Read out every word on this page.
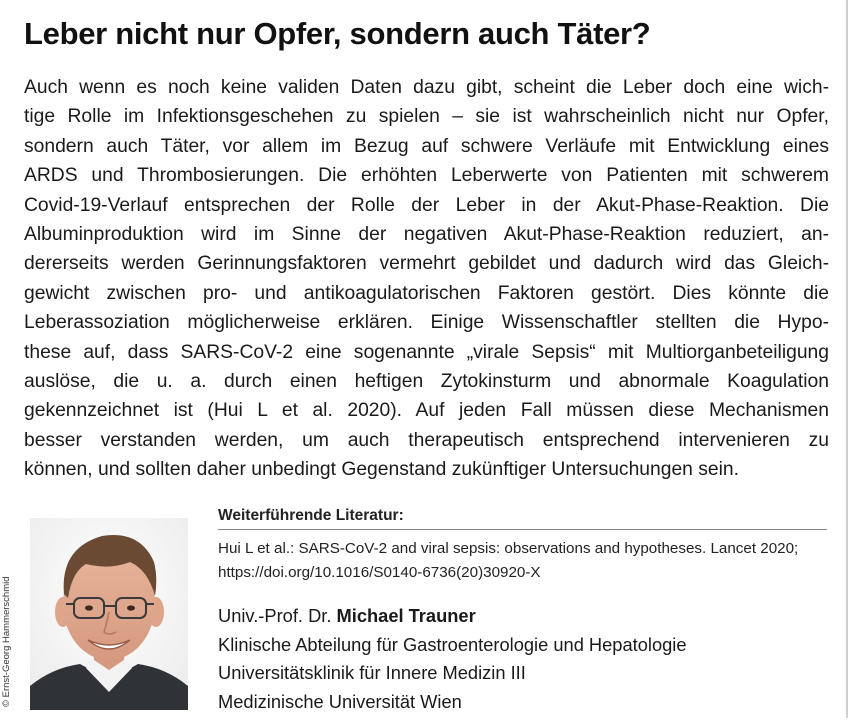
Leber nicht nur Opfer, sondern auch Täter?
Auch wenn es noch keine validen Daten dazu gibt, scheint die Leber doch eine wich-
tige Rolle im Infektionsgeschehen zu spielen – sie ist wahrscheinlich nicht nur Opfer,
sondern auch Täter, vor allem im Bezug auf schwere Verläufe mit Entwicklung eines
ARDS und Thrombosierungen. Die erhöhten Leberwerte von Patienten mit schwerem
Covid-19-Verlauf entsprechen der Rolle der Leber in der Akut-Phase-Reaktion. Die
Albuminproduktion wird im Sinne der negativen Akut-Phase-Reaktion reduziert, an-
dererseits werden Gerinnungsfaktoren vermehrt gebildet und dadurch wird das Gleich-
gewicht zwischen pro- und antikoagulatorischen Faktoren gestört. Dies könnte die
Leberassoziation möglicherweise erklären. Einige Wissenschaftler stellten die Hypo-
these auf, dass SARS-CoV-2 eine sogenannte „virale Sepsis“ mit Multiorganbeteiligung
auslöse, die u. a. durch einen heftigen Zytokinsturm und abnormale Koagulation
gekennzeichnet ist (Hui L et al. 2020). Auf jeden Fall müssen diese Mechanismen
besser verstanden werden, um auch therapeutisch entsprechend intervenieren zu
können, und sollten daher unbedingt Gegenstand zukünftiger Untersuchungen sein.
© Ernst-Georg Hammerschmid
Weiterführende Literatur:
Hui L et al.: SARS-CoV-2 and viral sepsis: observations and hypotheses. Lancet 2020;
https://doi.org/10.1016/S0140-6736(20)30920-X
Univ.-Prof. Dr. Michael Trauner
Klinische Abteilung für Gastroenterologie und Hepatologie
Universitätsklinik für Innere Medizin III
Medizinische Universität Wien
